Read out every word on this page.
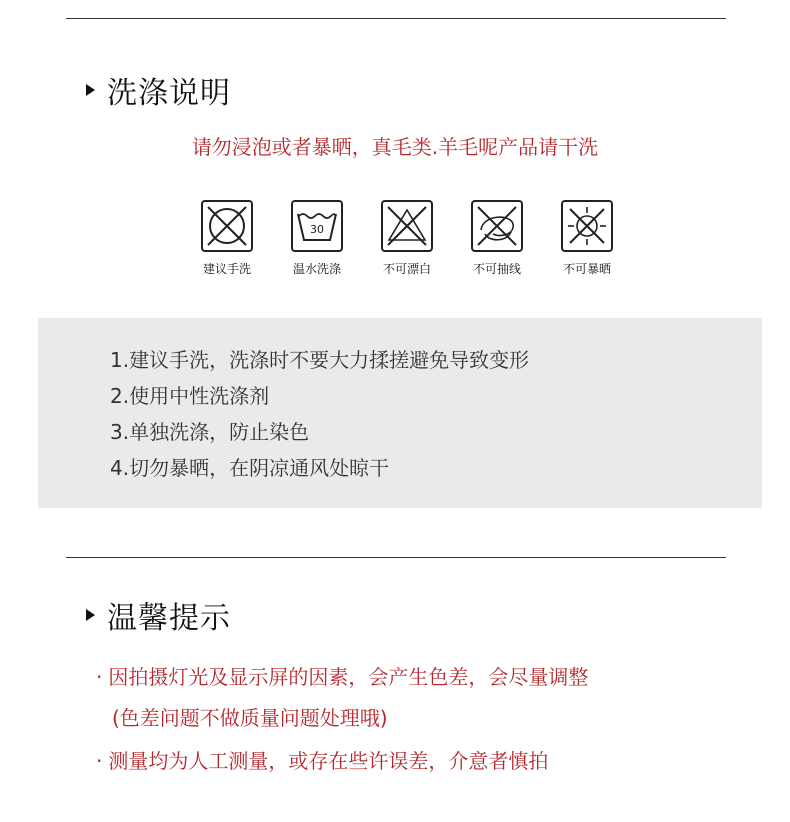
洗涤说明
请勿浸泡或者暴晒，真毛类.羊毛呢产品请干洗
建议手洗
30
温水洗涤	不可漂白	不可抽线	不可暴晒
1.建议手洗，洗涤时不要大力揉搓避免导致变形
2.使用中性洗涤剂
3.单独洗涤，防止染色
4.切勿暴晒，在阴凉通风处晾干
温馨提示
· 因拍摄灯光及显示屏的因素，会产生色差，会尽量调整
(色差问题不做质量问题处理哦)
· 测量均为人工测量，或存在些许误差，介意者慎拍
